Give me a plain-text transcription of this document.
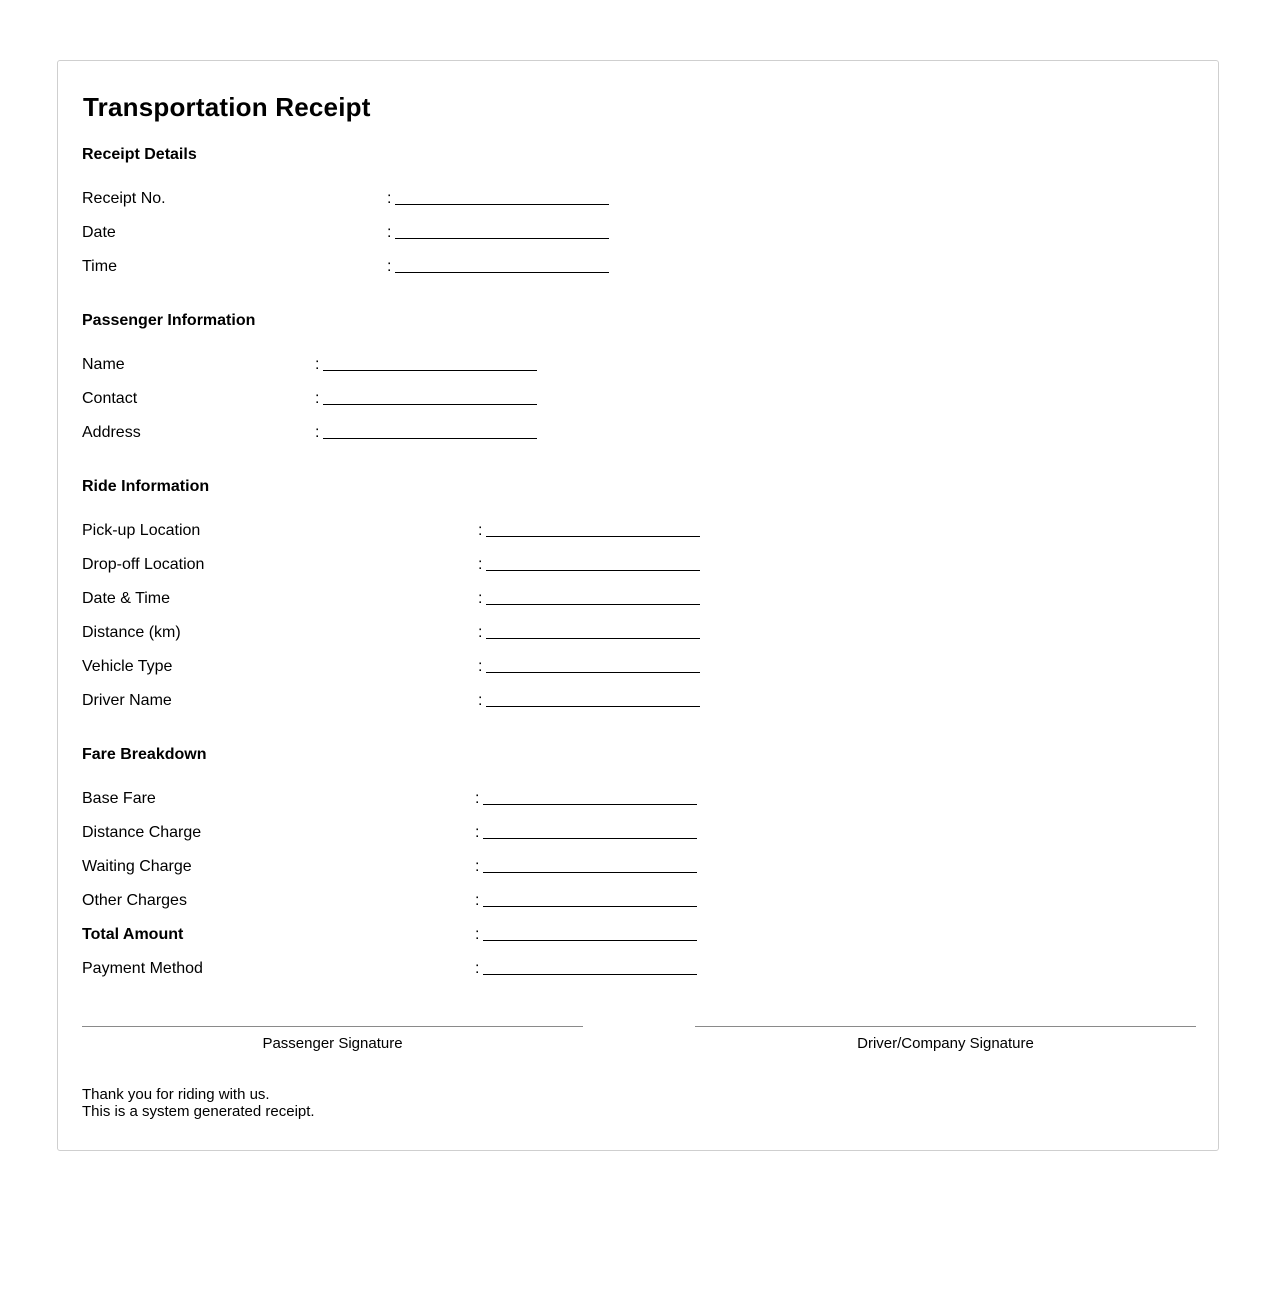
Transportation Receipt
Receipt Details
Receipt No.	:
Date	:
Time	:
Passenger Information
Name	:
Contact	:
Address	:
Ride Information
Pick-up Location	:
Drop-off Location	:
Date & Time	:
Distance (km)	:
Vehicle Type	:
Driver Name	:
Fare Breakdown
Base Fare	:
Distance Charge	:
Waiting Charge	:
Other Charges	:
Total Amount	:
Payment Method	:
Passenger Signature	Driver/Company Signature
Thank you for riding with us.
This is a system generated receipt.
